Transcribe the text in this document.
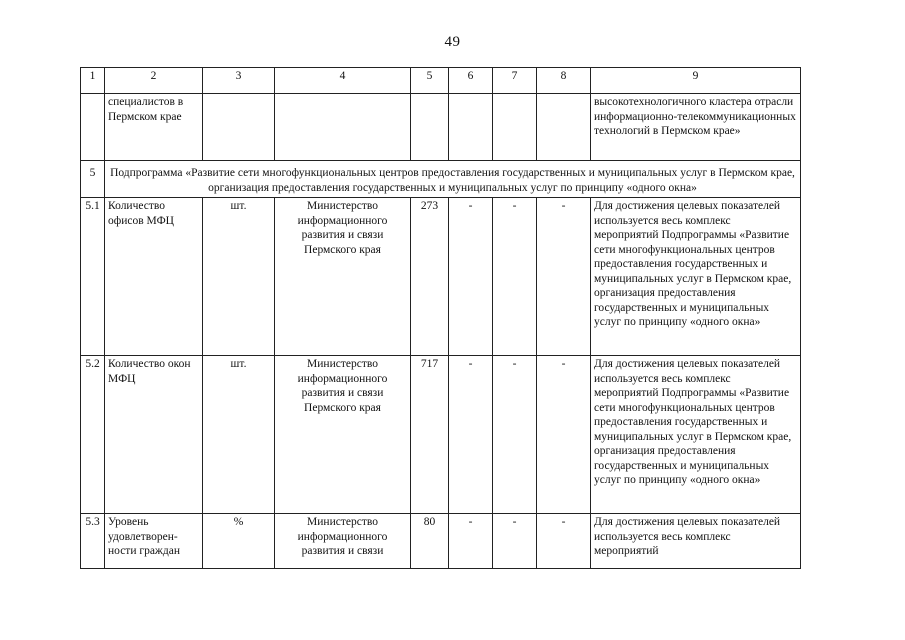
49
1	2	3	4	5	6	7	8	9
	специалистов в Пермском крае							высокотехнологичного кластера отрасли информационно-телекоммуникационных технологий в Пермском крае»
5	Подпрограмма «Развитие сети многофункциональных центров предоставления государственных и муниципальных услуг в Пермском крае, организация предоставления государственных и муниципальных услуг по принципу «одного окна»							
5.1	Количество офисов МФЦ	шт.	Министерство информационного развития и связи Пермского края	273	-	-	-	Для достижения целевых показателей используется весь комплекс мероприятий Подпрограммы «Развитие сети многофункциональных центров предоставления государственных и муниципальных услуг в Пермском крае, организация предоставления государственных и муниципальных услуг по принципу «одного окна»
5.2	Количество окон МФЦ	шт.	Министерство информационного развития и связи Пермского края	717	-	-	-	Для достижения целевых показателей используется весь комплекс мероприятий Подпрограммы «Развитие сети многофункциональных центров предоставления государственных и муниципальных услуг в Пермском крае, организация предоставления государственных и муниципальных услуг по принципу «одного окна»
5.3	Уровень удовлетворен-ности граждан	%	Министерство информационного развития и связи	80	-	-	-	Для достижения целевых показателей используется весь комплекс мероприятий
